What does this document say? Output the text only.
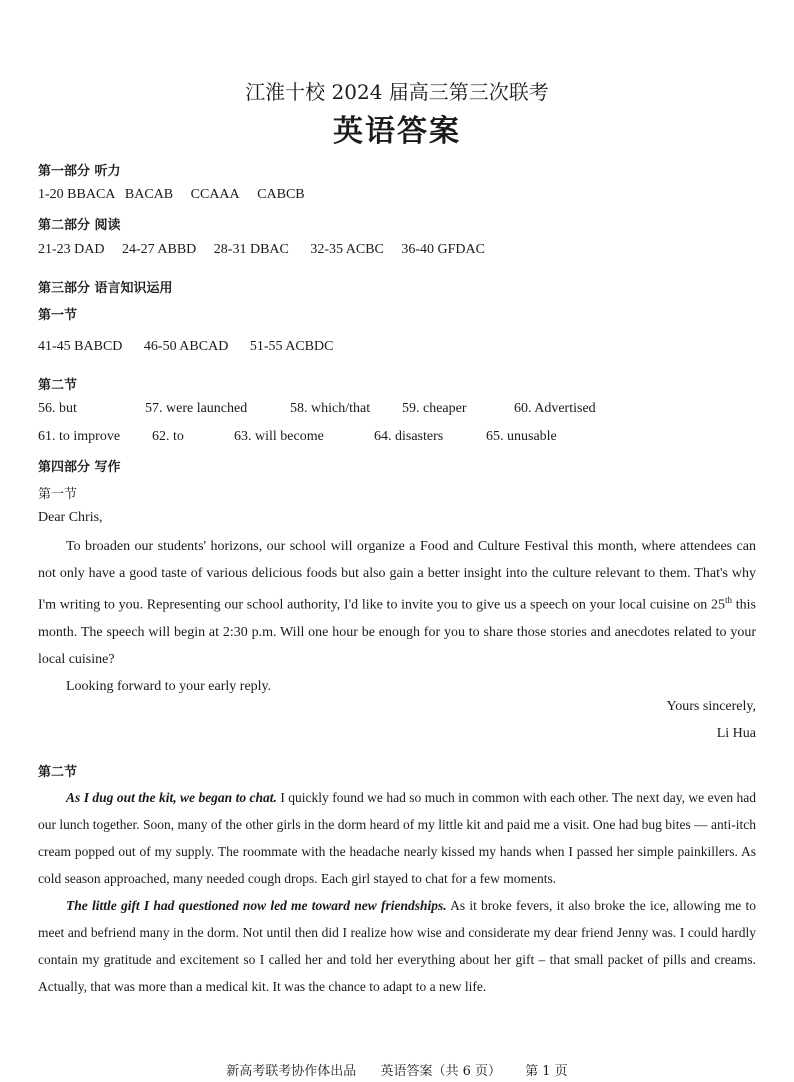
江淮十校 2024 届高三第三次联考
英语答案
第一部分 听力
1-20 BBACA BACAB CCAAA CABCB
第二部分 阅读
21-23 DAD 24-27 ABBD 28-31 DBAC 32-35 ACBC 36-40 GFDAC
第三部分 语言知识运用
第一节
41-45 BABCD 46-50 ABCAD 51-55 ACBDC
第二节
56. but	57. were launched	58. which/that 59. cheaper	60. Advertised
61. to improve 62. to	63. will become	64. disasters	65. unusable
第四部分 写作
第一节
Dear Chris,

To broaden our students' horizons, our school will organize a Food and Culture Festival this month, where attendees can not only have a good taste of various delicious foods but also gain a better insight into the culture relevant to them. That's why I'm writing to you. Representing our school authority, I'd like to invite you to give us a speech on your local cuisine on 25th this month. The speech will begin at 2:30 p.m. Will one hour be enough for you to share those stories and anecdotes related to your local cuisine?

Looking forward to your early reply.

Yours sincerely,
Li Hua
第二节

As I dug out the kit, we began to chat. I quickly found we had so much in common with each other. The next day, we even had our lunch together. Soon, many of the other girls in the dorm heard of my little kit and paid me a visit. One had bug bites — anti-itch cream popped out of my supply. The roommate with the headache nearly kissed my hands when I passed her simple painkillers. As cold season approached, many needed cough drops. Each girl stayed to chat for a few moments.

The little gift I had questioned now led me toward new friendships. As it broke fevers, it also broke the ice, allowing me to meet and befriend many in the dorm. Not until then did I realize how wise and considerate my dear friend Jenny was. I could hardly contain my gratitude and excitement so I called her and told her everything about her gift – that small packet of pills and creams. Actually, that was more than a medical kit. It was the chance to adapt to a new life.

新高考联考协作体出品 英语答案（共 6 页） 第 1 页
